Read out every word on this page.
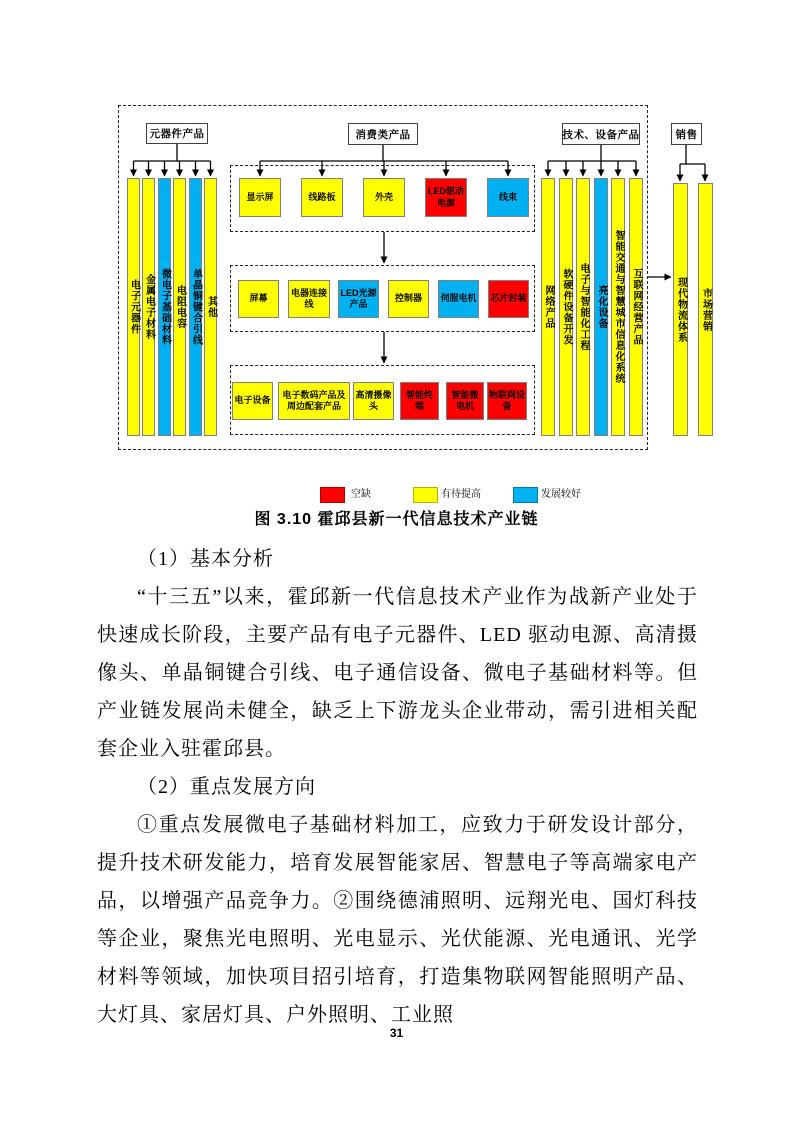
元器件产品	消费类产品	技术、设备产品	销售
电子元器件 金属电子材料 微电子基础材料 电阻电容 单晶铜键合引线 其他
显示屏	线路板	外壳
LED驱动电源
线束
屏幕
电器连接线
LED光源产品
控制器	伺服电机 芯片封装
电子设备
电子数码产品及周边配套产品
高清摄像头
智能终端
智能微电机
物联网设备
网络产品 软硬件设备开发 电子与智能化工程 亮化设备 智能交通与智慧城市信息化系统 互联网经营产品	现代物流体系 市场营销
空缺	有待提高	发展较好
图 3.10 霍邱县新一代信息技术产业链

（1）基本分析

“十三五”以来，霍邱新一代信息技术产业作为战新产业处于快速成长阶段，主要产品有电子元器件、LED 驱动电源、高清摄像头、单晶铜键合引线、电子通信设备、微电子基础材料等。但产业链发展尚未健全，缺乏上下游龙头企业带动，需引进相关配套企业入驻霍邱县。

（2）重点发展方向

①重点发展微电子基础材料加工，应致力于研发设计部分，提升技术研发能力，培育发展智能家居、智慧电子等高端家电产品，以增强产品竞争力。②围绕德浦照明、远翔光电、国灯科技等企业，聚焦光电照明、光电显示、光伏能源、光电通讯、光学材料等领域，加快项目招引培育，打造集物联网智能照明产品、大灯具、家居灯具、户外照明、工业照

31
